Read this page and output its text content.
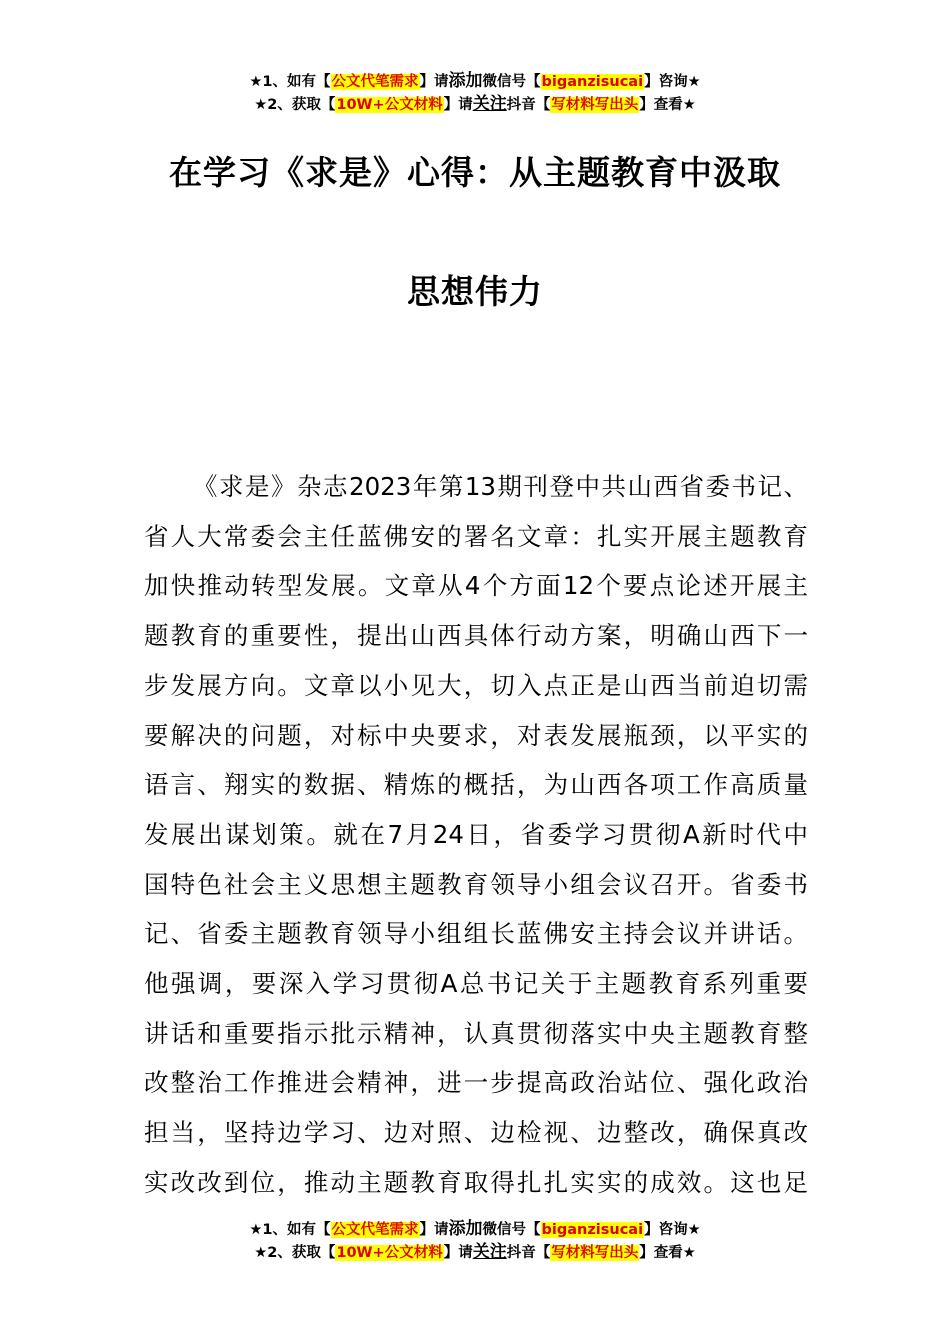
★1、如有【公文代笔需求】请添加微信号【biganzisucai】咨询★
★2、获取【10W+公文材料】请关注抖音【写材料写出头】查看★
在学习《求是》心得：从主题教育中汲取
思想伟力
《求是》杂志2023年第13期刊登中共山西省委书记、
省人大常委会主任蓝佛安的署名文章：扎实开展主题教育
加快推动转型发展。文章从4个方面12个要点论述开展主
题教育的重要性，提出山西具体行动方案，明确山西下一
步发展方向。文章以小见大，切入点正是山西当前迫切需
要解决的问题，对标中央要求，对表发展瓶颈，以平实的
语言、翔实的数据、精炼的概括，为山西各项工作高质量
发展出谋划策。就在7月24日，省委学习贯彻A新时代中
国特色社会主义思想主题教育领导小组会议召开。省委书
记、省委主题教育领导小组组长蓝佛安主持会议并讲话。
他强调，要深入学习贯彻A总书记关于主题教育系列重要
讲话和重要指示批示精神，认真贯彻落实中央主题教育整
改整治工作推进会精神，进一步提高政治站位、强化政治
担当，坚持边学习、边对照、边检视、边整改，确保真改
实改改到位，推动主题教育取得扎扎实实的成效。这也足
★1、如有【公文代笔需求】请添加微信号【biganzisucai】咨询★
★2、获取【10W+公文材料】请关注抖音【写材料写出头】查看★
